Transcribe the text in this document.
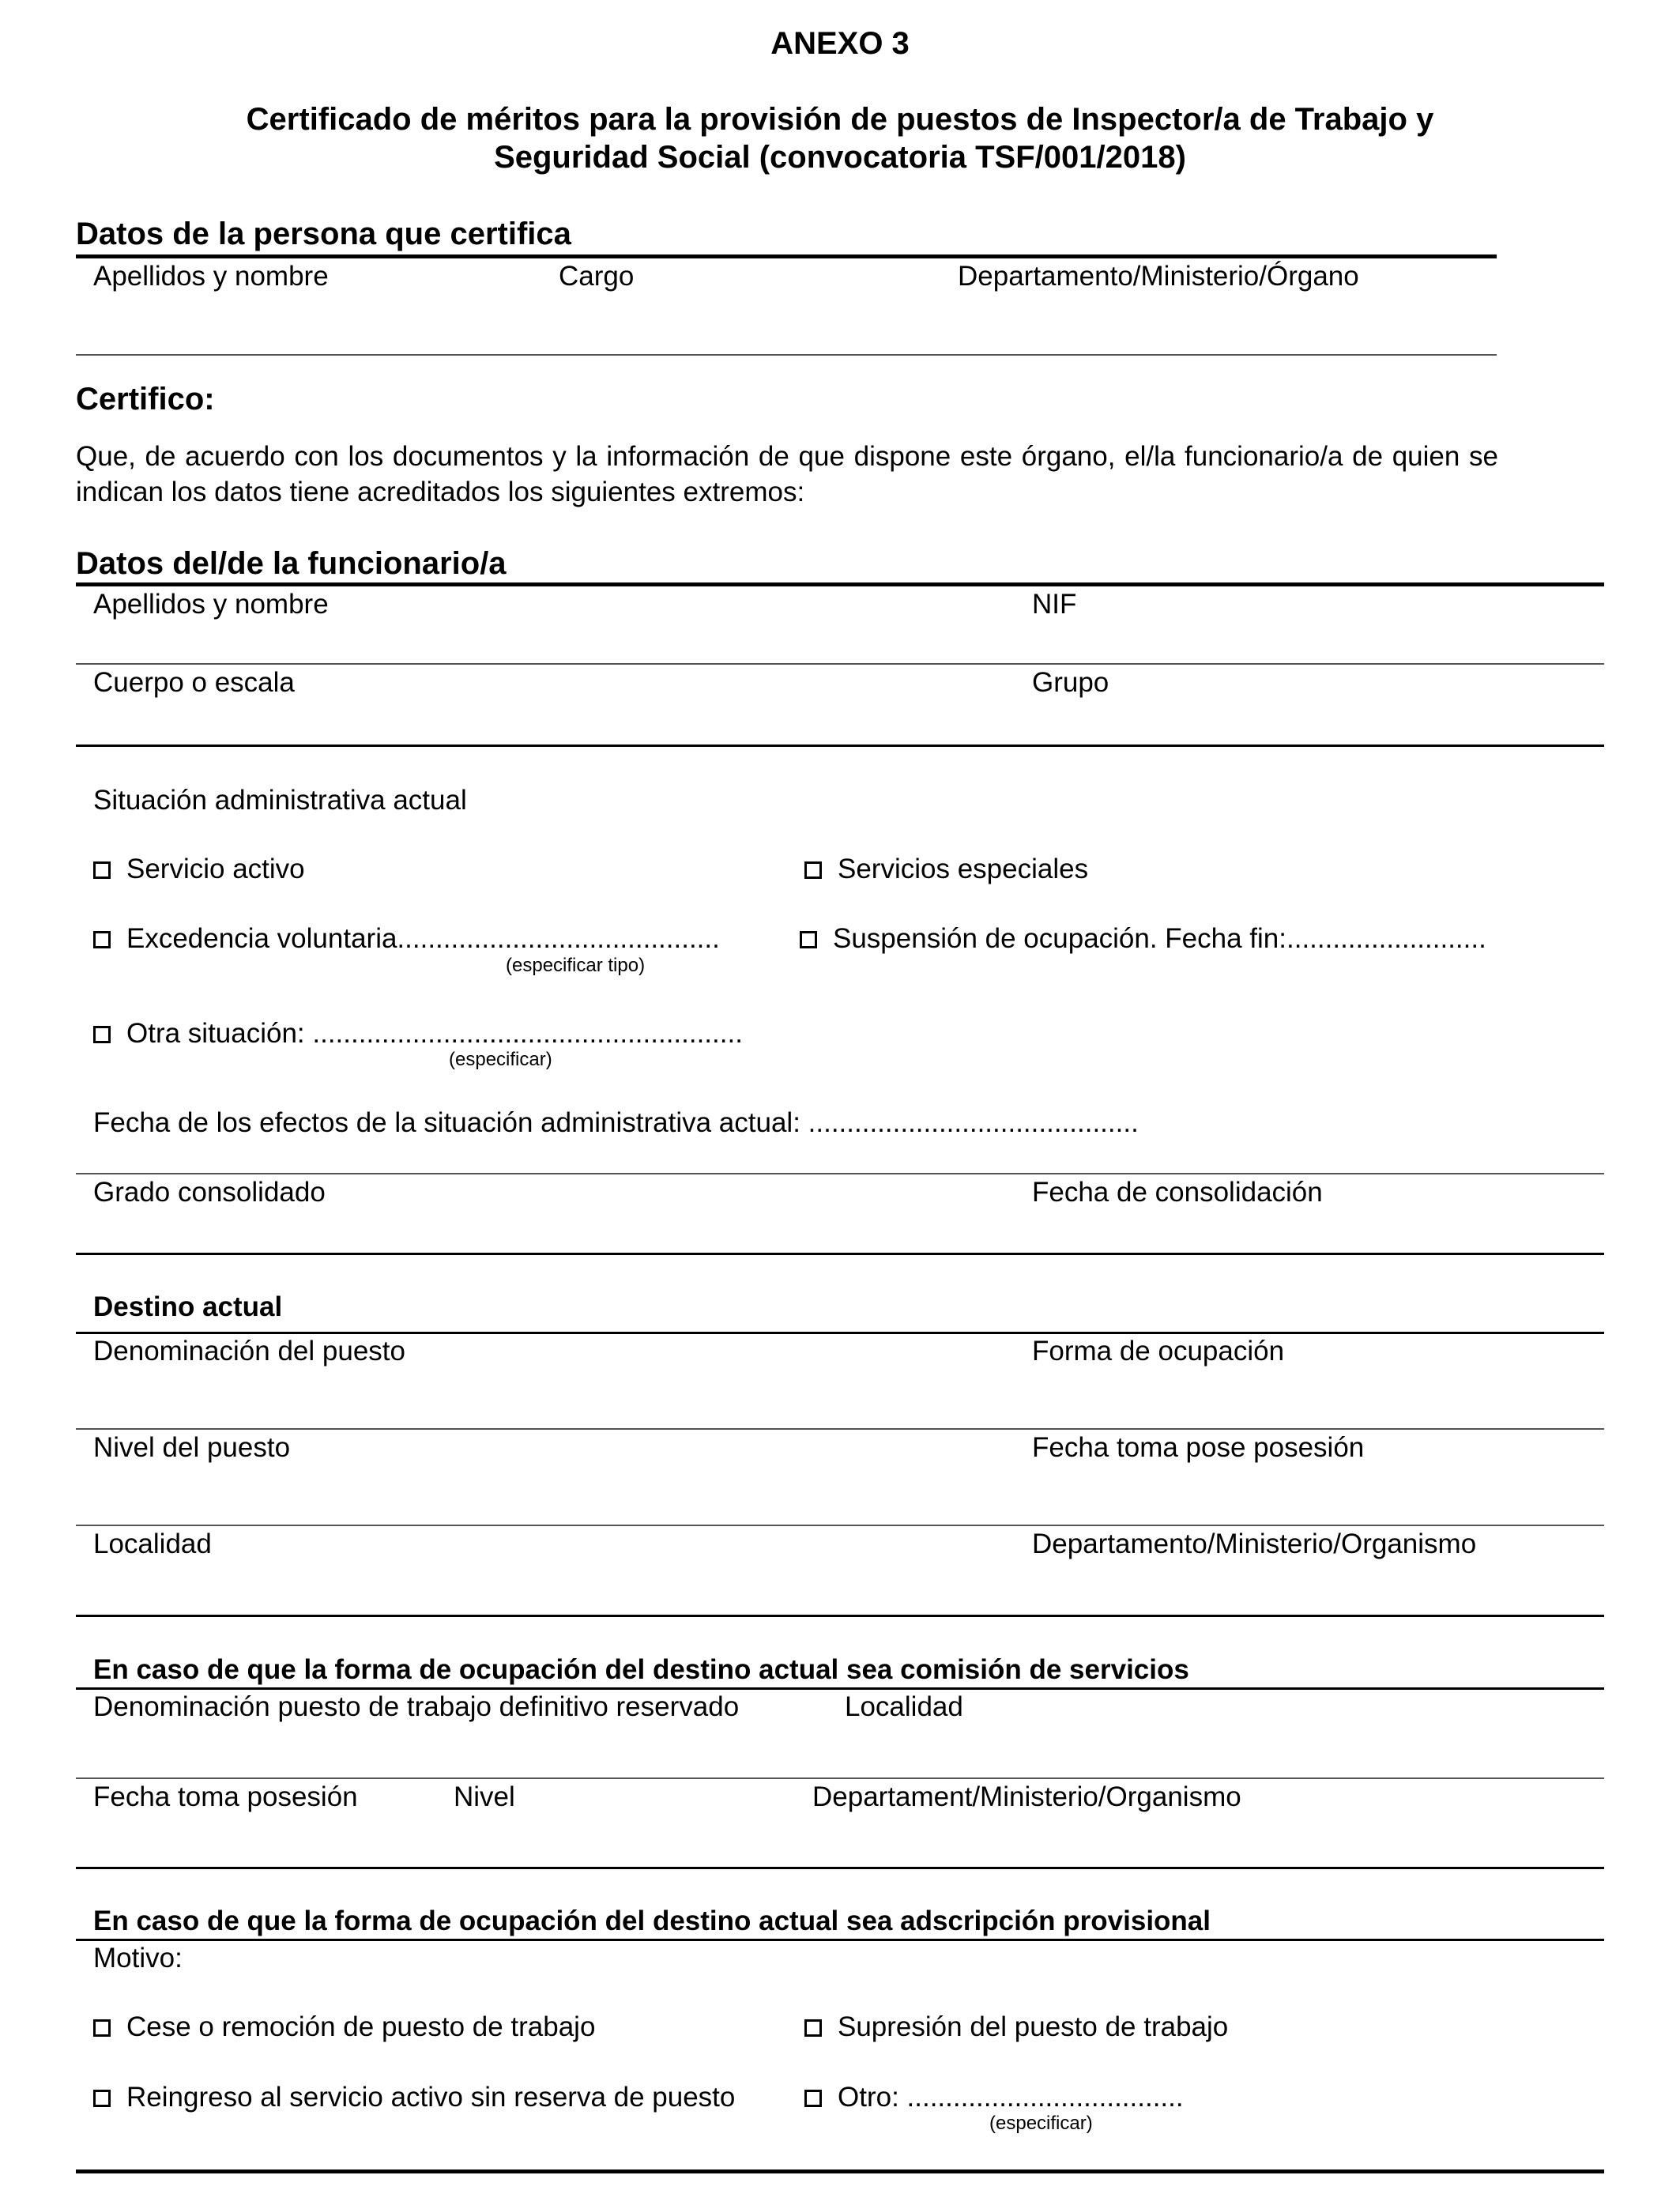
ANEXO 3
Certificado de méritos para la provisión de puestos de Inspector/a de Trabajo y
Seguridad Social (convocatoria TSF/001/2018)
Datos de la persona que certifica
Apellidos y nombre	Cargo	Departamento/Ministerio/Órgano
Certifico:
Que, de acuerdo con los documentos y la información de que dispone este órgano, el/la funcionario/a de quien se indican los datos tiene acreditados los siguientes extremos:
Datos del/de la funcionario/a
Apellidos y nombre	NIF
Cuerpo o escala	Grupo
Situación administrativa actual
Servicio activo	Servicios especiales
Excedencia voluntaria..........................................
(especificar tipo)
Suspensión de ocupación. Fecha fin:..........................
Otra situación: ........................................................
(especificar)
Fecha de los efectos de la situación administrativa actual: ...........................................
Grado consolidado	Fecha de consolidación
Destino actual
Denominación del puesto	Forma de ocupación
Nivel del puesto	Fecha toma pose posesión
Localidad	Departamento/Ministerio/Organismo
En caso de que la forma de ocupación del destino actual sea comisión de servicios
Denominación puesto de trabajo definitivo reservado	Localidad
Fecha toma posesión	Nivel	Departament/Ministerio/Organismo
En caso de que la forma de ocupación del destino actual sea adscripción provisional
Motivo:
Cese o remoción de puesto de trabajo	Supresión del puesto de trabajo
Reingreso al servicio activo sin reserva de puesto	Otro: ....................................
(especificar)
